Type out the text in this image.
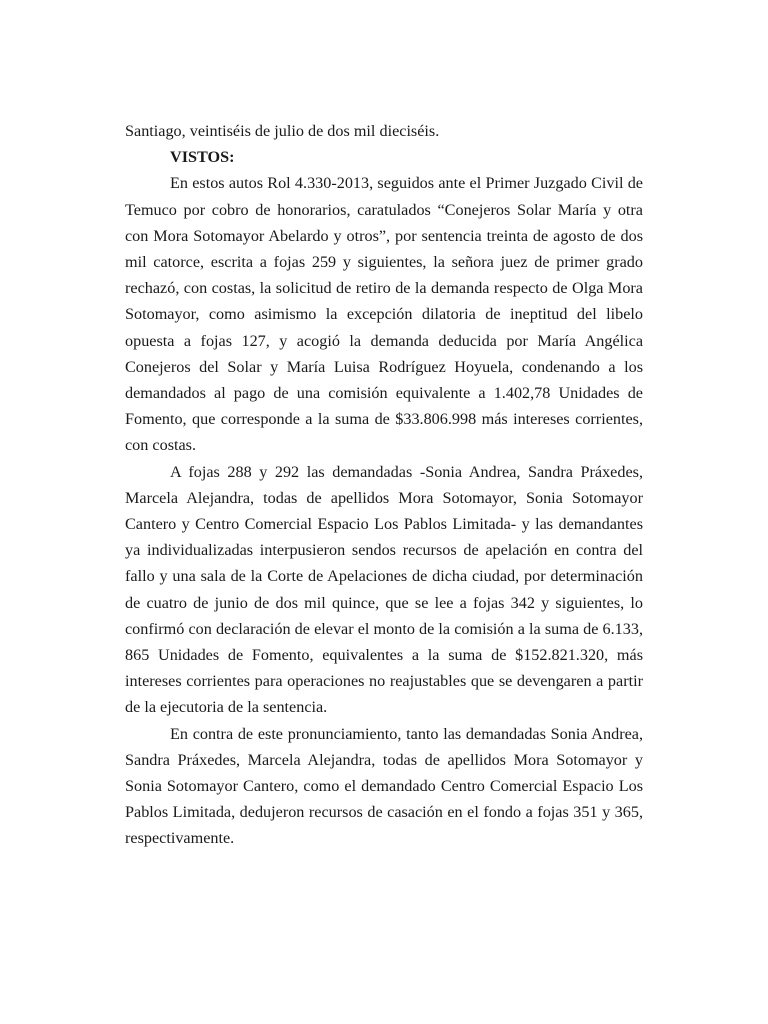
Santiago, veintiséis de julio de dos mil dieciséis.

VISTOS:

En estos autos Rol 4.330-2013, seguidos ante el Primer Juzgado Civil de Temuco por cobro de honorarios, caratulados “Conejeros Solar María y otra con Mora Sotomayor Abelardo y otros”, por sentencia treinta de agosto de dos mil catorce, escrita a fojas 259 y siguientes, la señora juez de primer grado rechazó, con costas, la solicitud de retiro de la demanda respecto de Olga Mora Sotomayor, como asimismo la excepción dilatoria de ineptitud del libelo opuesta a fojas 127, y acogió la demanda deducida por María Angélica Conejeros del Solar y María Luisa Rodríguez Hoyuela, condenando a los demandados al pago de una comisión equivalente a 1.402,78 Unidades de Fomento, que corresponde a la suma de $33.806.998 más intereses corrientes, con costas.

A fojas 288 y 292 las demandadas -Sonia Andrea, Sandra Práxedes, Marcela Alejandra, todas de apellidos Mora Sotomayor, Sonia Sotomayor Cantero y Centro Comercial Espacio Los Pablos Limitada- y las demandantes ya individualizadas interpusieron sendos recursos de apelación en contra del fallo y una sala de la Corte de Apelaciones de dicha ciudad, por determinación de cuatro de junio de dos mil quince, que se lee a fojas 342 y siguientes, lo confirmó con declaración de elevar el monto de la comisión a la suma de 6.133, 865 Unidades de Fomento, equivalentes a la suma de $152.821.320, más intereses corrientes para operaciones no reajustables que se devengaren a partir de la ejecutoria de la sentencia.

En contra de este pronunciamiento, tanto las demandadas Sonia Andrea, Sandra Práxedes, Marcela Alejandra, todas de apellidos Mora Sotomayor y Sonia Sotomayor Cantero, como el demandado Centro Comercial Espacio Los Pablos Limitada, dedujeron recursos de casación en el fondo a fojas 351 y 365, respectivamente.
